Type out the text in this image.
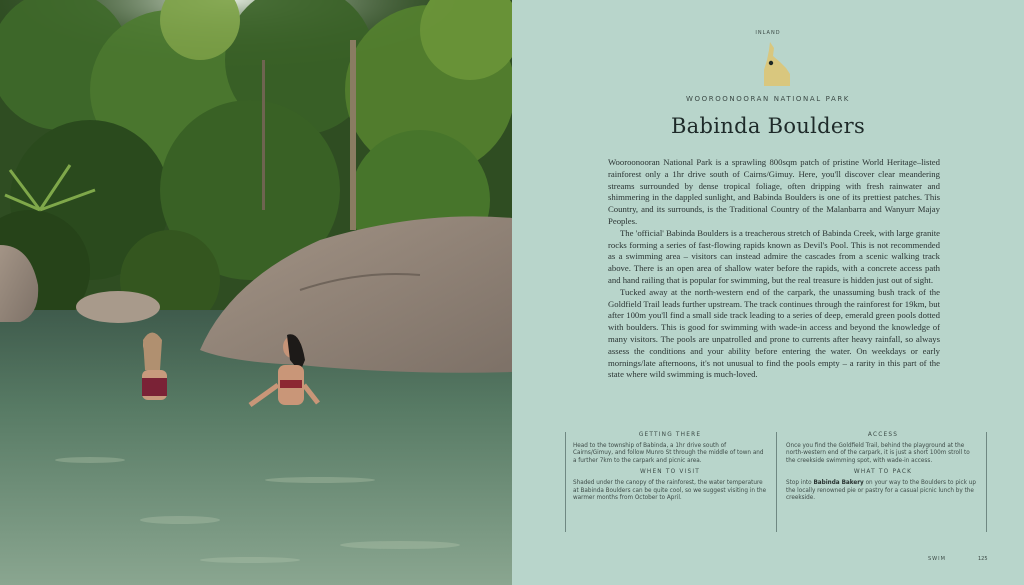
INLAND
WOOROONOORAN NATIONAL PARK
Babinda Boulders

Wooroonooran National Park is a sprawling 800sqm patch of pristine World Heritage–listed rainforest only a 1hr drive south of Cairns/Gimuy. Here, you'll discover clear meandering streams surrounded by dense tropical foliage, often dripping with fresh rainwater and shimmering in the dappled sunlight, and Babinda Boulders is one of its prettiest patches. This Country, and its surrounds, is the Traditional Country of the Malanbarra and Wanyurr Majay Peoples.

The 'official' Babinda Boulders is a treacherous stretch of Babinda Creek, with large granite rocks forming a series of fast-flowing rapids known as Devil's Pool. This is not recommended as a swimming area – visitors can instead admire the cascades from a scenic walking track above. There is an open area of shallow water before the rapids, with a concrete access path and hand railing that is popular for swimming, but the real treasure is hidden just out of sight.

Tucked away at the north-western end of the carpark, the unassuming bush track of the Goldfield Trail leads further upstream. The track continues through the rainforest for 19km, but after 100m you'll find a small side track leading to a series of deep, emerald green pools dotted with boulders. This is good for swimming with wade-in access and beyond the knowledge of many visitors. The pools are unpatrolled and prone to currents after heavy rainfall, so always assess the conditions and your ability before entering the water. On weekdays or early mornings/late afternoons, it's not unusual to find the pools empty – a rarity in this part of the state where wild swimming is much-loved.

GETTING THERE

Head to the township of Babinda, a 1hr drive south of Cairns/Gimuy, and follow Munro St through the middle of town and a further 7km to the carpark and picnic area.

WHEN TO VISIT

Shaded under the canopy of the rainforest, the water temperature at Babinda Boulders can be quite cool, so we suggest visiting in the warmer months from October to April.

ACCESS

Once you find the Goldfield Trail, behind the playground at the north-western end of the carpark, it is just a short 100m stroll to the creekside swimming spot, with wade-in access.

WHAT TO PACK

Stop into Babinda Bakery on your way to the Boulders to pick up the locally renowned pie or pastry for a casual picnic lunch by the creekside.

SWIM	125
